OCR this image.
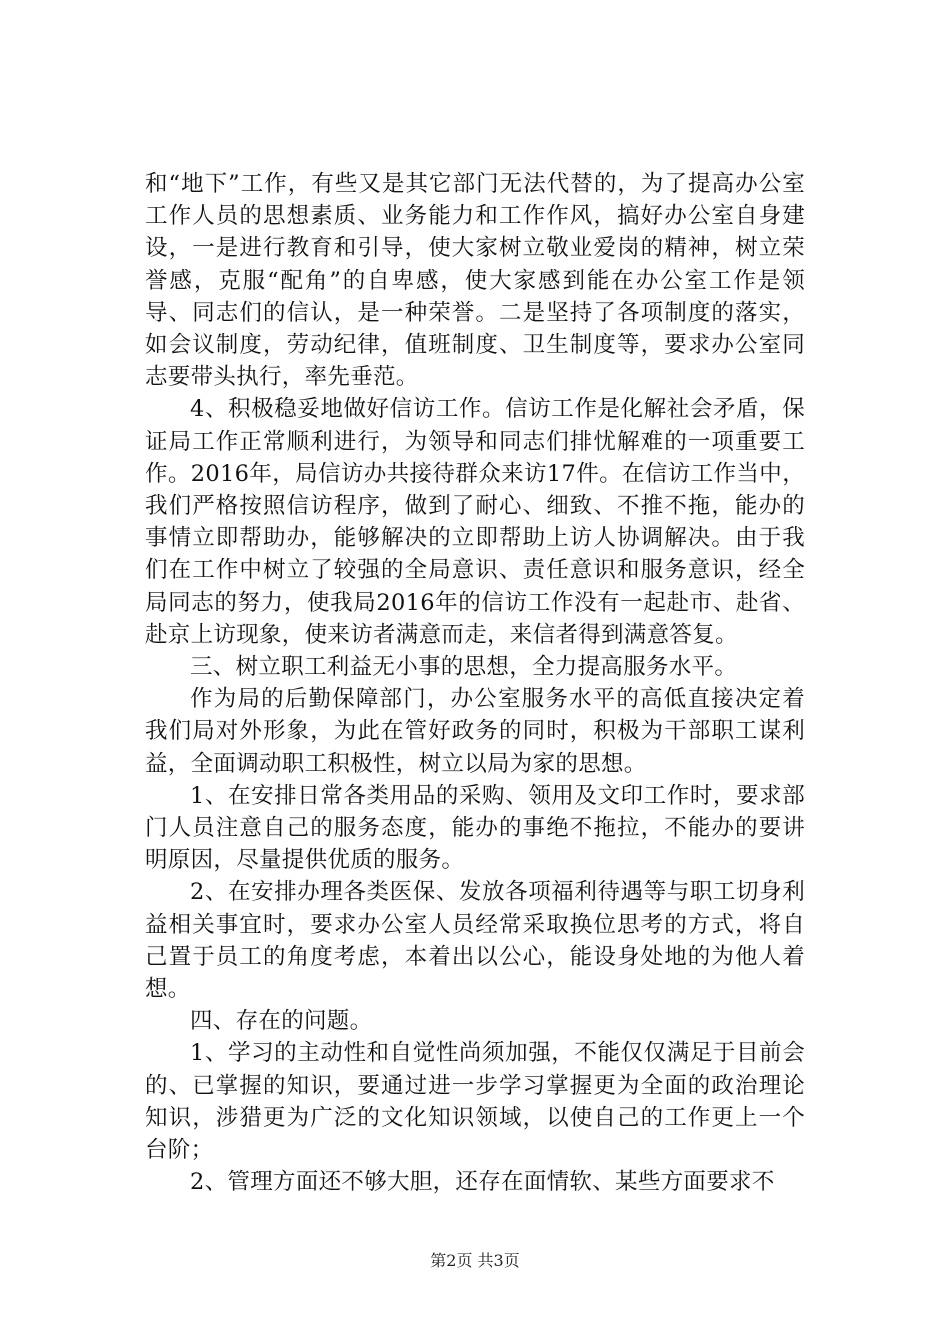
和“地下”工作，有些又是其它部门无法代替的，为了提高办公室工作人员的思想素质、业务能力和工作作风，搞好办公室自身建设，一是进行教育和引导，使大家树立敬业爱岗的精神，树立荣誉感，克服“配角”的自卑感，使大家感到能在办公室工作是领导、同志们的信认，是一种荣誉。二是坚持了各项制度的落实，如会议制度，劳动纪律，值班制度、卫生制度等，要求办公室同志要带头执行，率先垂范。

4、积极稳妥地做好信访工作。信访工作是化解社会矛盾，保证局工作正常顺利进行，为领导和同志们排忧解难的一项重要工作。2016年，局信访办共接待群众来访17件。在信访工作当中，我们严格按照信访程序，做到了耐心、细致、不推不拖，能办的事情立即帮助办，能够解决的立即帮助上访人协调解决。由于我们在工作中树立了较强的全局意识、责任意识和服务意识，经全局同志的努力，使我局2016年的信访工作没有一起赴市、赴省、赴京上访现象，使来访者满意而走，来信者得到满意答复。

三、树立职工利益无小事的思想，全力提高服务水平。

作为局的后勤保障部门，办公室服务水平的高低直接决定着我们局对外形象，为此在管好政务的同时，积极为干部职工谋利益，全面调动职工积极性，树立以局为家的思想。

1、在安排日常各类用品的采购、领用及文印工作时，要求部门人员注意自己的服务态度，能办的事绝不拖拉，不能办的要讲明原因，尽量提供优质的服务。

2、在安排办理各类医保、发放各项福利待遇等与职工切身利益相关事宜时，要求办公室人员经常采取换位思考的方式，将自己置于员工的角度考虑，本着出以公心，能设身处地的为他人着想。

四、存在的问题。

1、学习的主动性和自觉性尚须加强，不能仅仅满足于目前会的、已掌握的知识，要通过进一步学习掌握更为全面的政治理论知识，涉猎更为广泛的文化知识领域，以使自己的工作更上一个台阶；

2、管理方面还不够大胆，还存在面情软、某些方面要求不

第2页 共3页
